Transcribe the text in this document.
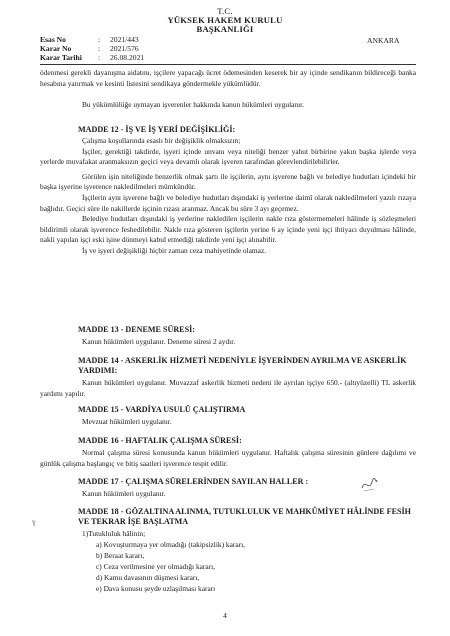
T.C.
YÜKSEK HAKEM KURULU
BAŞKANLIĞI
ANKARA
Esas No	: 2021/443
Karar No	: 2021/576
Karar Tarihi : 26.08.2021
ödenmesi gerekli dayanışma aidatını, işçilere yapacağı ücret ödemesinden keserek bir ay içinde sendikanın bildireceği banka hesabına yatırmak ve kesinti listesini sendikaya göndermekle yükümlüdür.
Bu yükümlülüğe uymayan işverenler hakkında kanun hükümleri uygulanır.
MADDE 12 - İŞ VE İŞ YERİ DEĞİŞİKLİĞİ:

Çalışma koşullarında esaslı bir değişiklik olmaksızın;

İşçiler, gerektiği takdirde, işyeri içinde unvanı veya niteliği benzer yahut birbirine yakın başka işlerde veya yerlerde muvafakat aranmaksızın geçici veya devamlı olarak işveren tarafından görevlendirilebilirler.

Görülen işin niteliğinde benzerlik olmak şartı ile işçilerin, aynı işverene bağlı ve belediye hudutları içindeki bir başka işyerine işverence nakledilmeleri mümkündür.

İşçilerin aynı işverene bağlı ve belediye hudutları dışındaki iş yerlerine daimî olarak nakledilmeleri yazılı rızaya bağlıdır. Geçici süre ile nakillerde işçinin rızası aranmaz. Ancak bu süre 3 ayı geçemez.

Belediye hudutları dışındaki iş yerlerine nakledilen işçilerin nakle rıza göstermemeleri hâlinde iş sözleşmeleri bildirimli olarak işverence feshedilebilir. Nakle rıza gösteren işçilerin yerine 6 ay içinde yeni işçi ihtiyacı duyulması hâlinde, nakli yapılan işçi eski işine dönmeyi kabul etmediği takdirde yeni işçi alınabilir.

İş ve işyeri değişikliği hiçbir zaman ceza mahiyetinde olamaz.

MADDE 13 - DENEME SÜRESİ:
Kanun hükümleri uygulanır. Deneme süresi 2 aydır.
MADDE 14 - ASKERLİK HİZMETİ NEDENİYLE İŞYERİNDEN AYRILMA VE ASKERLİK YARDIMI:
Kanun hükümleri uygulanır. Muvazzaf askerlik hizmeti nedeni ile ayrılan işçiye 650.- (altıyüzelli) TL askerlik yardımı yapılır.
MADDE 15 - VARDİYA USULÜ ÇALIŞTIRMA
Mevzuat hükümleri uygulanır.
MADDE 16 - HAFTALIK ÇALIŞMA SÜRESİ:
Normal çalışma süresi konusunda kanun hükümleri uygulanır. Haftalık çalışma süresinin günlere dağılımı ve günlük çalışma başlangıç ve bitiş saatleri işverence tespit edilir.
MADDE 17 - ÇALIŞMA SÜRELERİNDEN SAYILAN HALLER :
Kanun hükümleri uygulanır.
MADDE 18 - GÖZALTINA ALINMA, TUTUKLULUK VE MAHKÛMİYET HÂLİNDE FESİH VE TEKRAR İŞE BAŞLATMA
1)Tutukluluk hâlinin;
a) Kovuşturmaya yer olmadığı (takipsizlik) kararı,
b) Beraat kararı,
c) Ceza verilmesine yer olmadığı kararı,
d) Kamu davasının düşmesi kararı,
e) Dava konusu şeyde uzlaşılması kararı
ɣ
4
